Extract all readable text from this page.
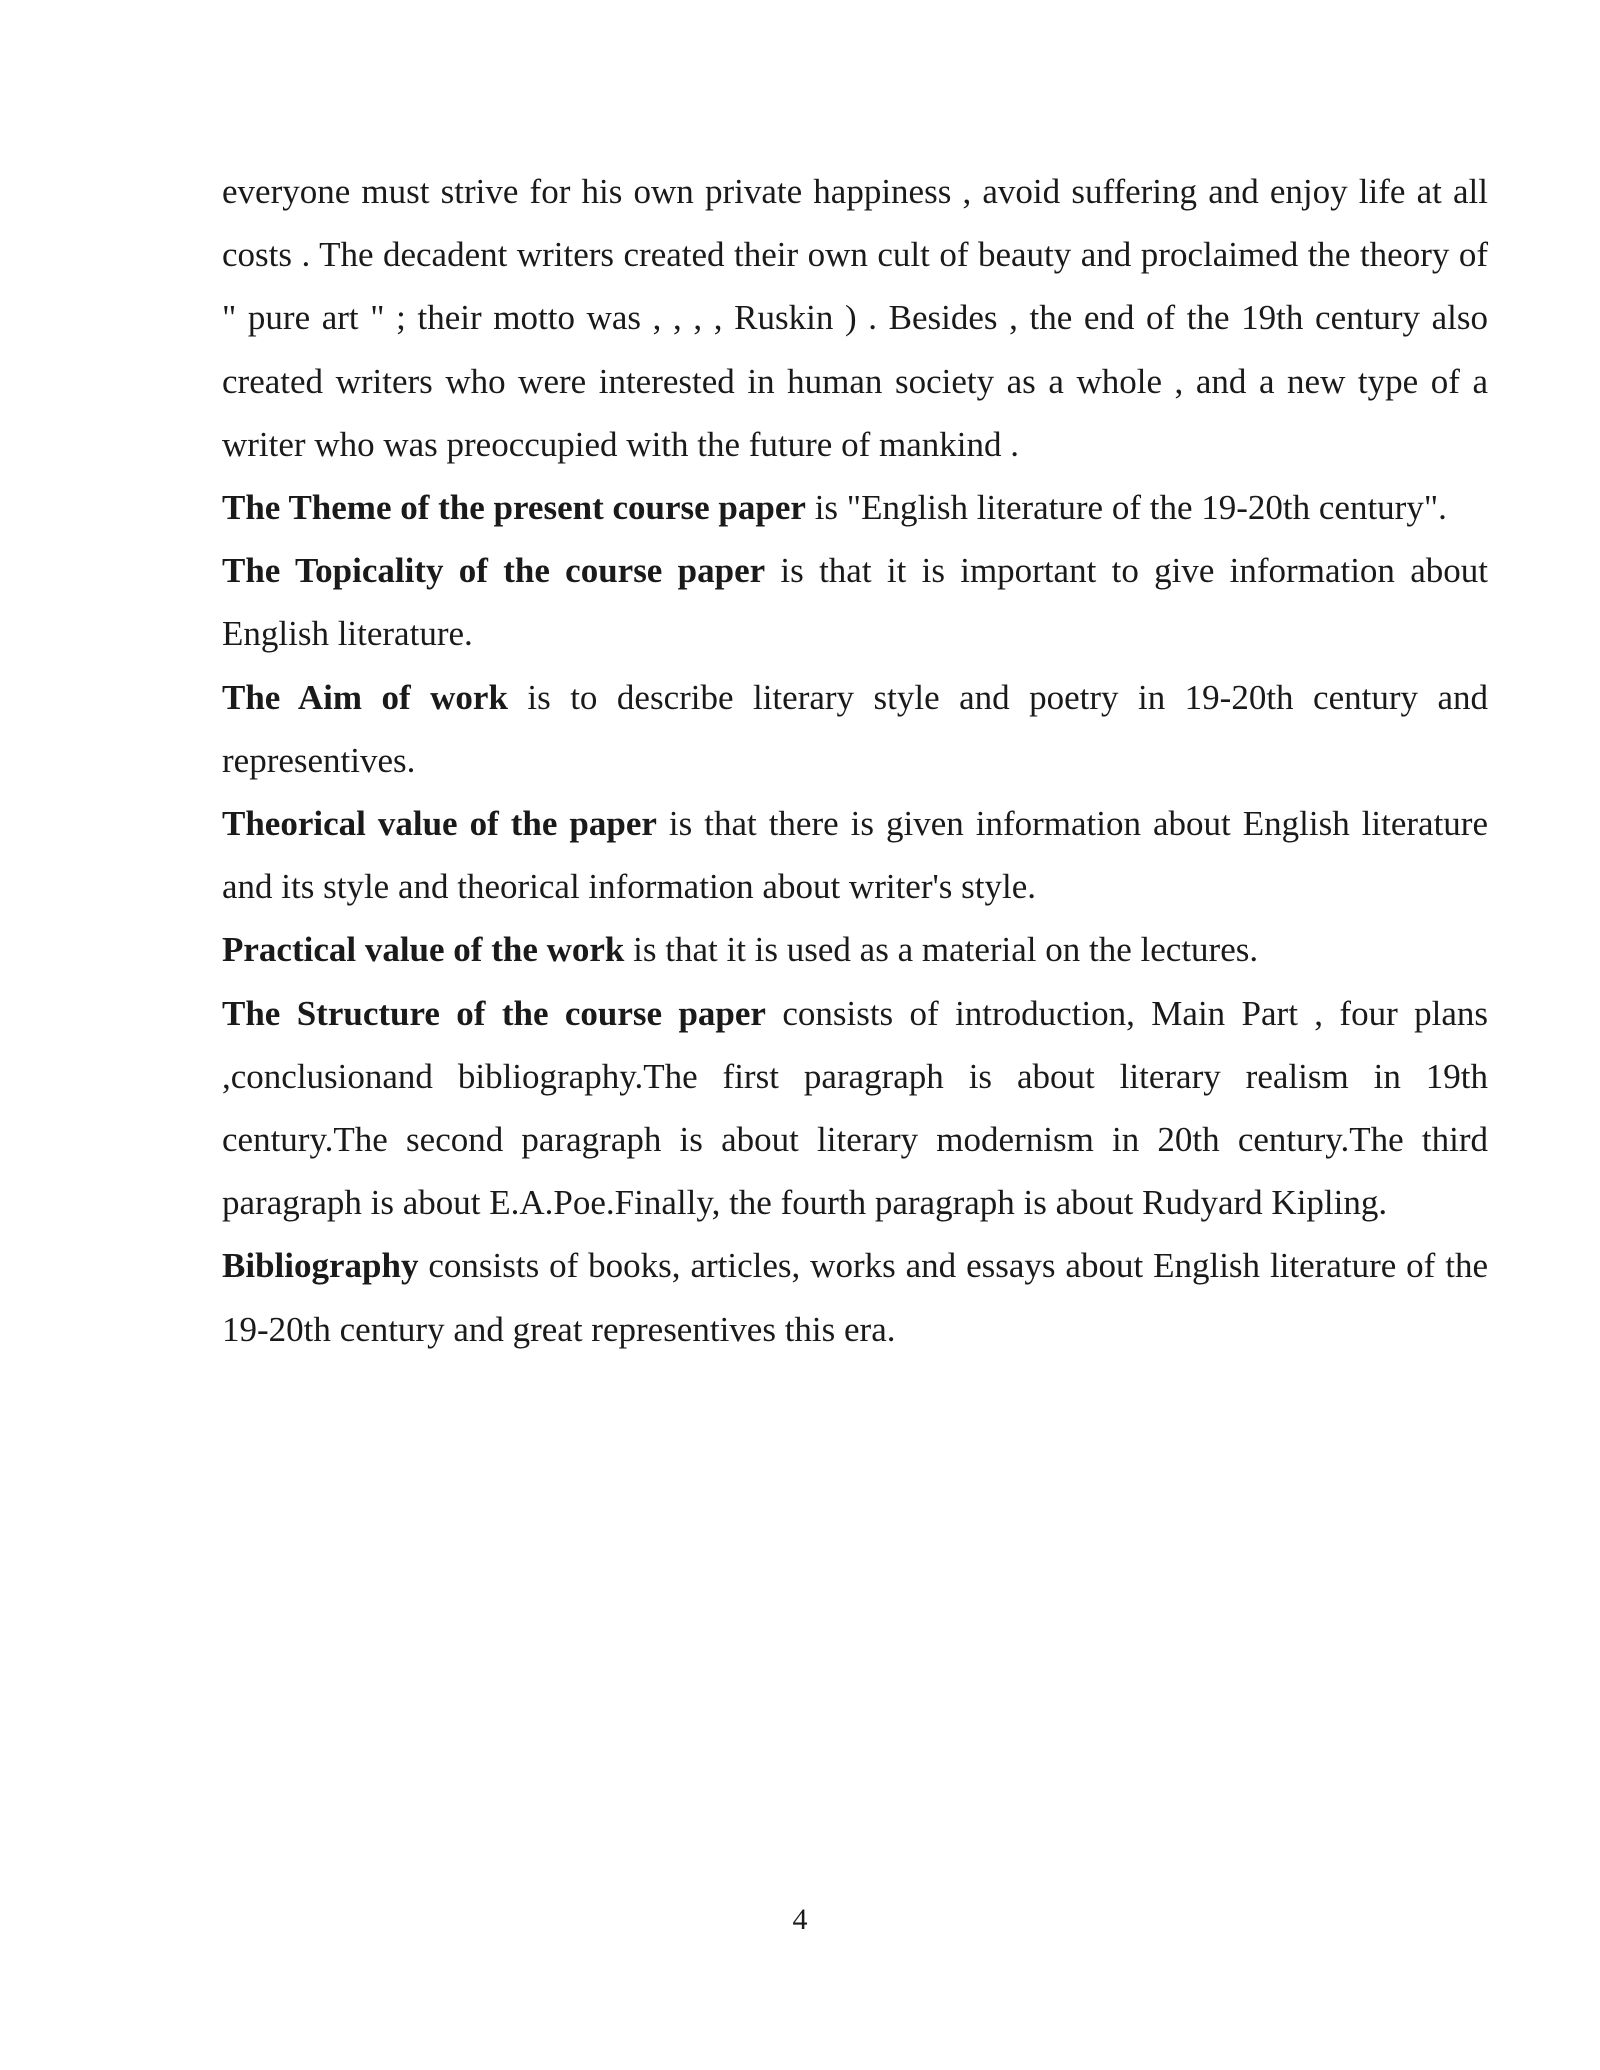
everyone must strive for his own private happiness , avoid suffering and enjoy life at all costs . The decadent writers created their own cult of beauty and proclaimed the theory of " pure art " ; their motto was , , , , Ruskin ) . Besides , the end of the 19th century also created writers who were interested in human society as a whole , and a new type of a writer who was preoccupied with the future of mankind .

The Theme of the present course paper is "English literature of the 19-20th century".

The Topicality of the course paper is that it is important to give information about English literature.

The Aim of work is to describe literary style and poetry in 19-20th century and representives.

Theorical value of the paper is that there is given information about English literature and its style and theorical information about writer's style.

Practical value of the work is that it is used as a material on the lectures.

The Structure of the course paper consists of introduction, Main Part , four plans ,conclusionand bibliography.The first paragraph is about literary realism in 19th century.The second paragraph is about literary modernism in 20th century.The third paragraph is about E.A.Poe.Finally, the fourth paragraph is about Rudyard Kipling.

Bibliography consists of books, articles, works and essays about English literature of the 19-20th century and great representives this era.

4
